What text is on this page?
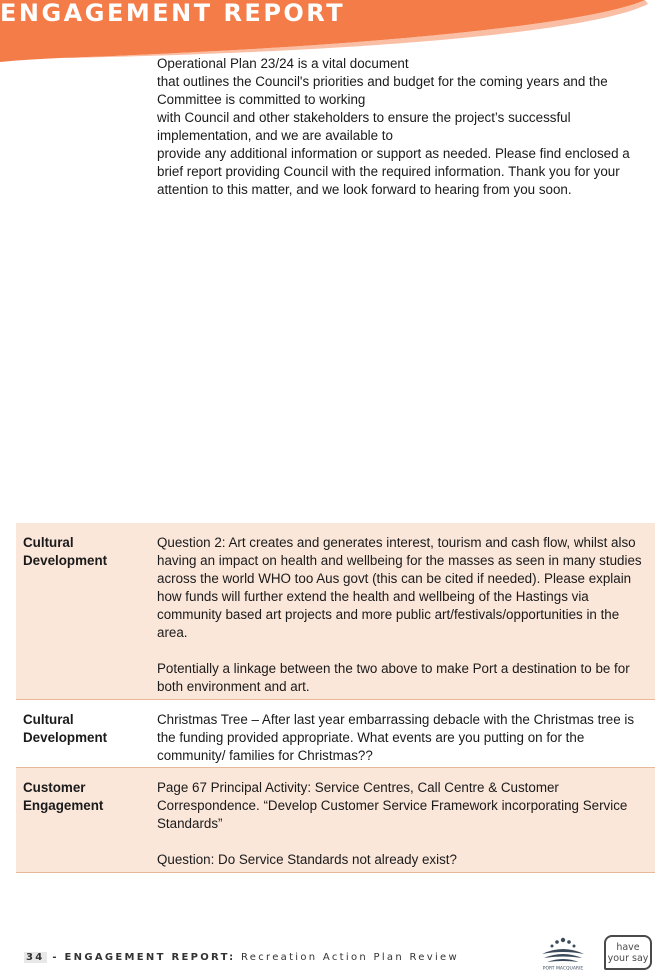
ENGAGEMENT REPORT

Operational Plan 23/24 is a vital document

that outlines the Council's priorities and budget for the coming years and the Committee is committed to working

with Council and other stakeholders to ensure the project’s successful implementation, and we are available to

provide any additional information or support as needed. Please find enclosed a brief report providing Council with the required information. Thank you for your attention to this matter, and we look forward to hearing from you soon.

Cultural Development

Question 2: Art creates and generates interest, tourism and cash flow, whilst also having an impact on health and wellbeing for the masses as seen in many studies across the world WHO too Aus govt (this can be cited if needed). Please explain how funds will further extend the health and wellbeing of the Hastings via community based art projects and more public art/festivals/opportunities in the area.

Potentially a linkage between the two above to make Port a destination to be for both environment and art.

Cultural Development

Christmas Tree – After last year embarrassing debacle with the Christmas tree is the funding provided appropriate. What events are you putting on for the community/ families for Christmas??

Customer Engagement

Page 67 Principal Activity: Service Centres, Call Centre & Customer Correspondence. “Develop Customer Service Framework incorporating Service Standards”

Question: Do Service Standards not already exist?

34 - ENGAGEMENT REPORT: Recreation Action Plan Review
PORT MACQUARIE
have
your say
